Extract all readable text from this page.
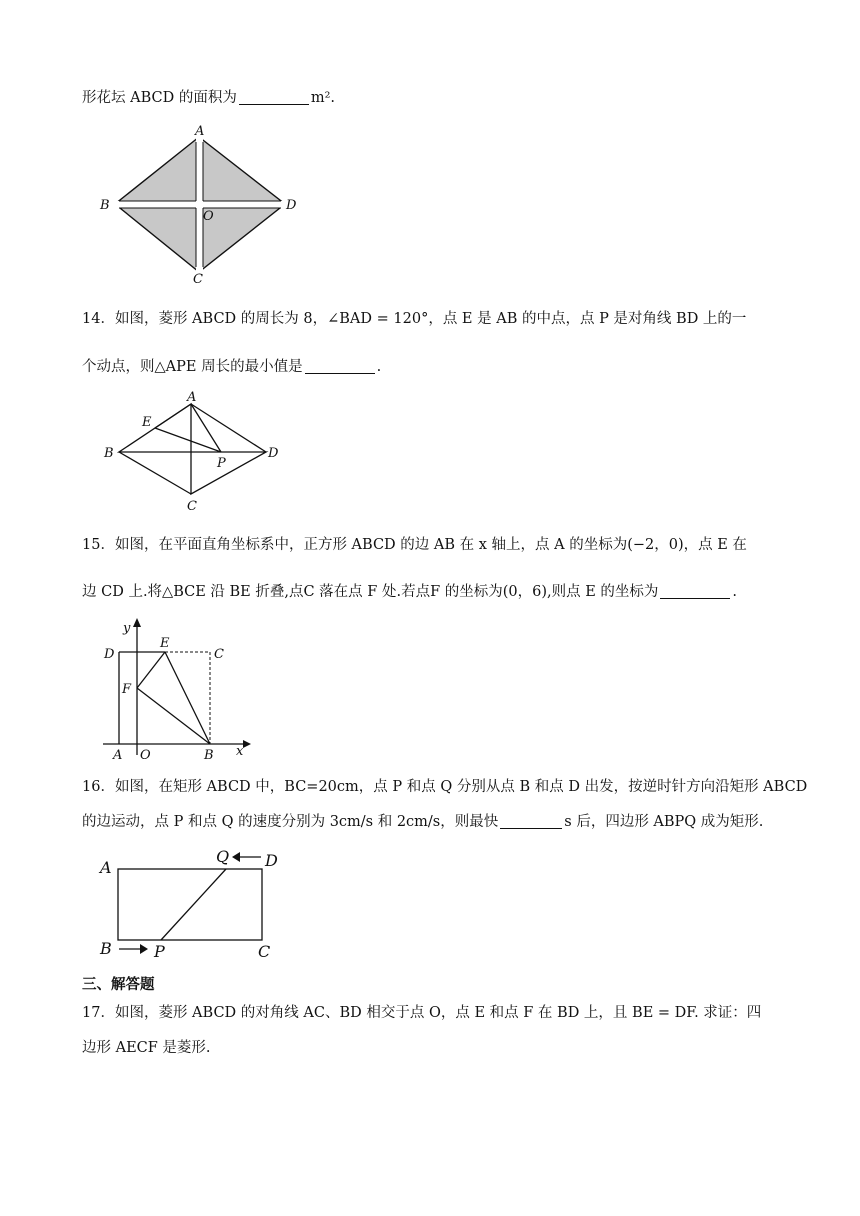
形花坛 ABCD 的面积为	m².
A
B	D
O
C
14．如图，菱形 ABCD 的周长为 8，∠BAD = 120°，点 E 是 AB 的中点，点 P 是对角线 BD 上的一
个动点，则△APE 周长的最小值是	.
A
E
B	D
P
C
15．如图，在平面直角坐标系中，正方形 ABCD 的边 AB 在 x 轴上，点 A 的坐标为(−2，0)，点 E 在
边 CD 上.将△BCE 沿 BE 折叠,点C 落在点 F 处.若点F 的坐标为(0，6),则点 E 的坐标为	.
y
x
D
E
C
F
A O	B
16．如图，在矩形 ABCD 中，BC=20cm，点 P 和点 Q 分别从点 B 和点 D 出发，按逆时针方向沿矩形 ABCD
的边运动，点 P 和点 Q 的速度分别为 3cm/s 和 2cm/s，则最快	s 后，四边形 ABPQ 成为矩形.
A
Q D
B	P	C
三、解答题
17．如图，菱形 ABCD 的对角线 AC、BD 相交于点 O，点 E 和点 F 在 BD 上，且 BE = DF. 求证：四
边形 AECF 是菱形.
